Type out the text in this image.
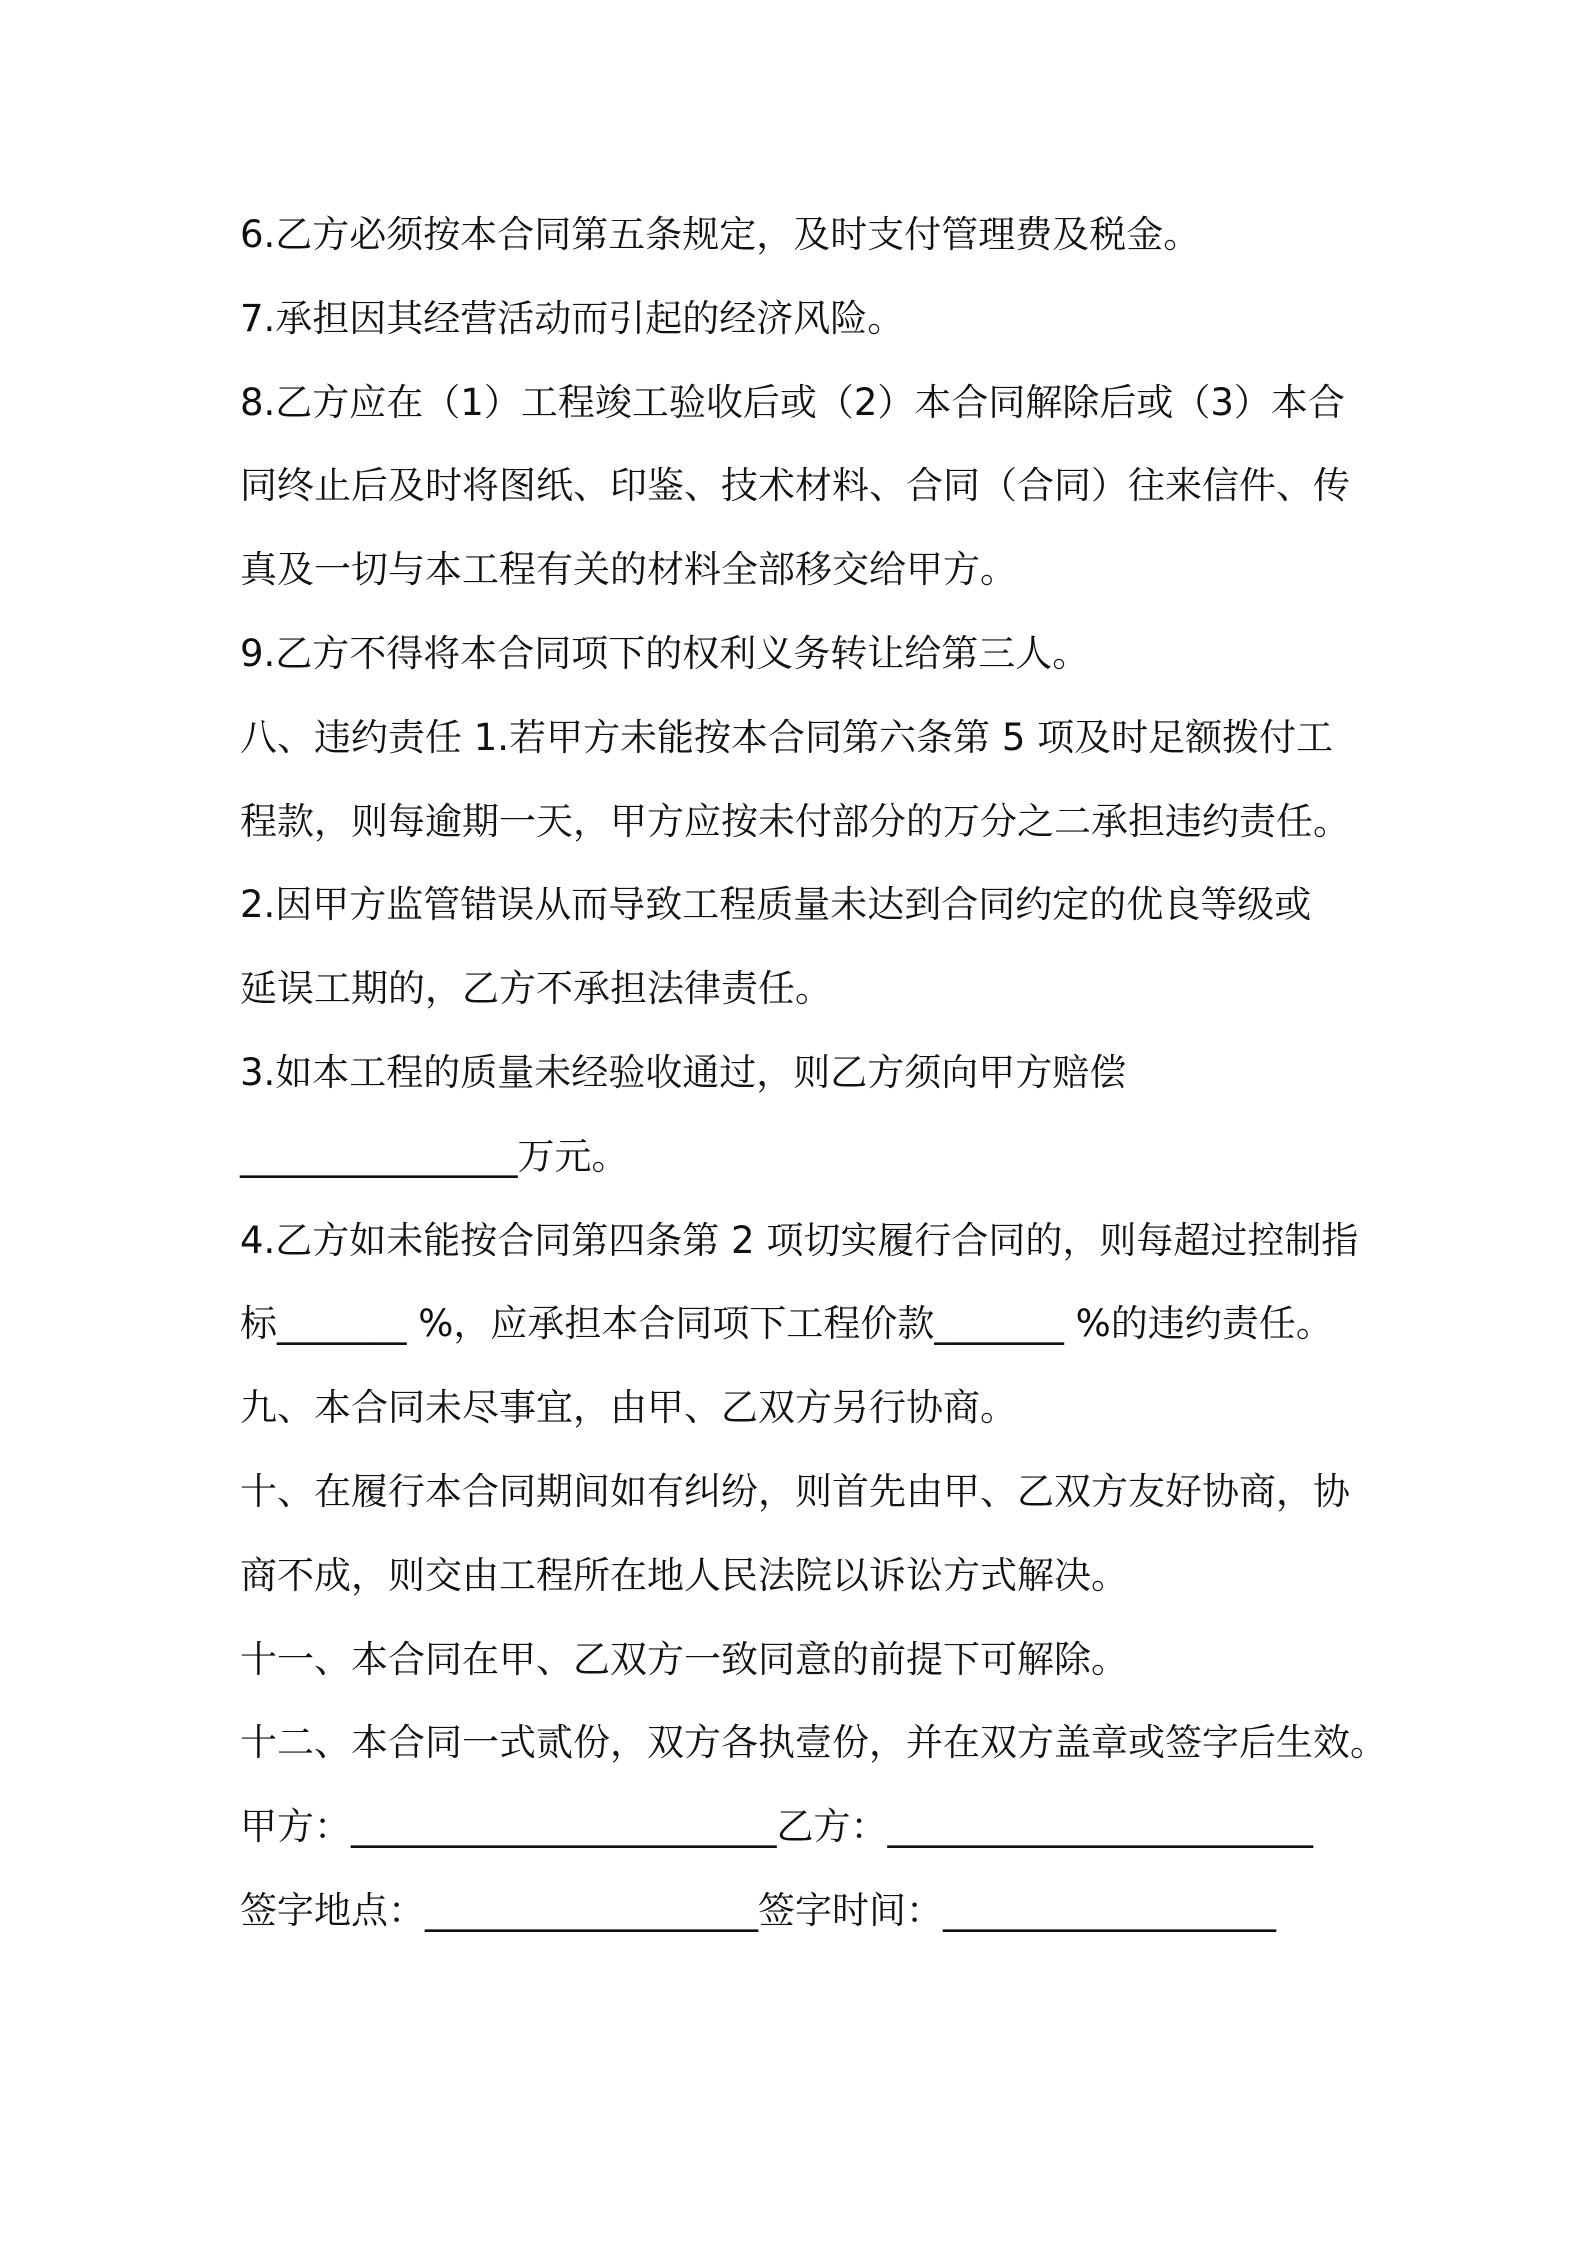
6.乙方必须按本合同第五条规定，及时支付管理费及税金。
7.承担因其经营活动而引起的经济风险。
8.乙方应在（1）工程竣工验收后或（2）本合同解除后或（3）本合
同终止后及时将图纸、印鉴、技术材料、合同（合同）往来信件、传
真及一切与本工程有关的材料全部移交给甲方。
9.乙方不得将本合同项下的权利义务转让给第三人。
八、违约责任 1.若甲方未能按本合同第六条第 5 项及时足额拨付工
程款，则每逾期一天，甲方应按未付部分的万分之二承担违约责任。
2.因甲方监管错误从而导致工程质量未达到合同约定的优良等级或
延误工期的，乙方不承担法律责任。
3.如本工程的质量未经验收通过，则乙方须向甲方赔偿
_______________万元。
4.乙方如未能按合同第四条第 2 项切实履行合同的，则每超过控制指
标_______ %，应承担本合同项下工程价款_______ %的违约责任。
九、本合同未尽事宜，由甲、乙双方另行协商。
十、在履行本合同期间如有纠纷，则首先由甲、乙双方友好协商，协
商不成，则交由工程所在地人民法院以诉讼方式解决。
十一、本合同在甲、乙双方一致同意的前提下可解除。
十二、本合同一式贰份，双方各执壹份，并在双方盖章或签字后生效。
甲方：_______________________乙方：_______________________
签字地点：__________________签字时间：__________________
